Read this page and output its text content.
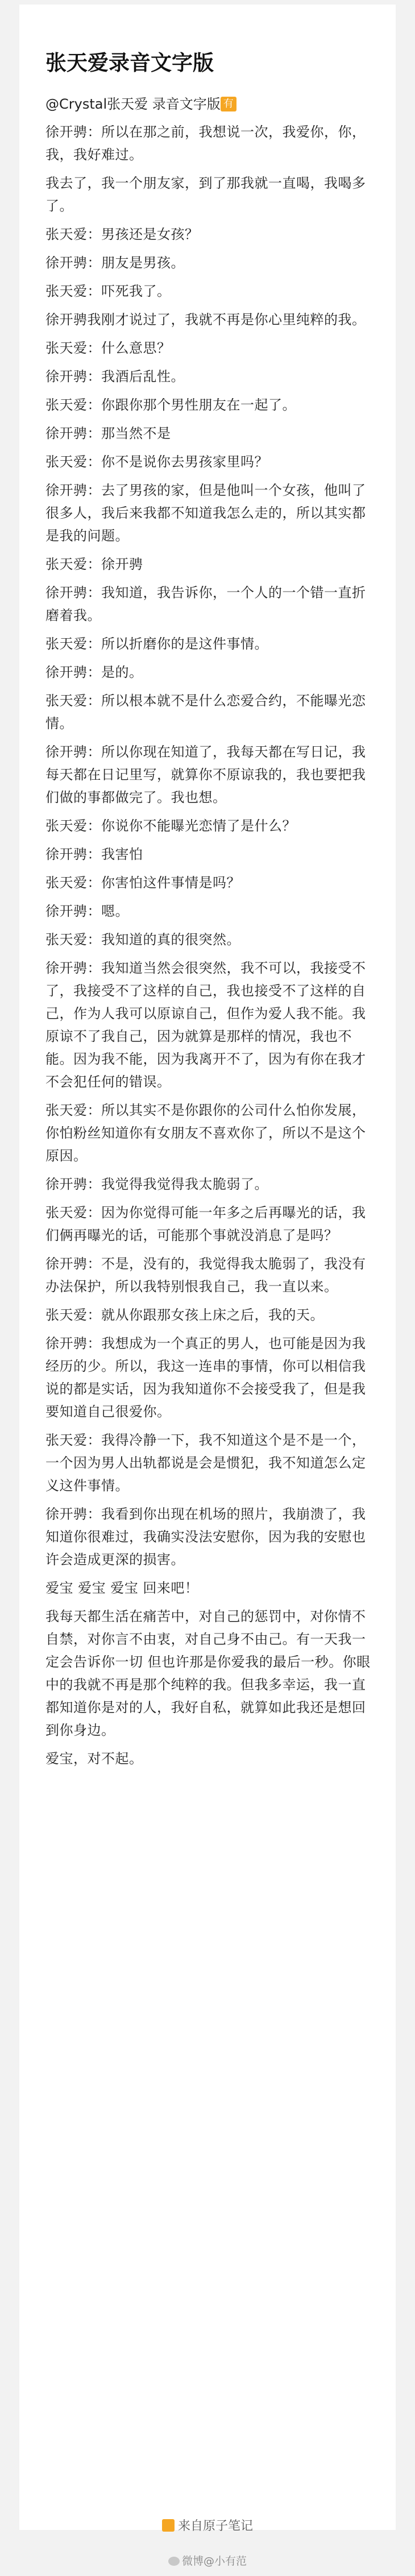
张天爱录音文字版
@Crystal张天爱 录音文字版 有
徐开骋：所以在那之前，我想说一次，我爱你，你，我，我好难过。
我去了，我一个朋友家，到了那我就一直喝，我喝多了。
张天爱：男孩还是女孩？
徐开骋：朋友是男孩。
张天爱：吓死我了。
徐开骋我刚才说过了，我就不再是你心里纯粹的我。
张天爱：什么意思？
徐开骋：我酒后乱性。
张天爱：你跟你那个男性朋友在一起了。
徐开骋：那当然不是
张天爱：你不是说你去男孩家里吗？
徐开骋：去了男孩的家，但是他叫一个女孩，他叫了很多人，我后来我都不知道我怎么走的，所以其实都是我的问题。
张天爱：徐开骋
徐开骋：我知道，我告诉你，一个人的一个错一直折磨着我。
张天爱：所以折磨你的是这件事情。
徐开骋：是的。
张天爱：所以根本就不是什么恋爱合约，不能曝光恋情。
徐开骋：所以你现在知道了，我每天都在写日记，我每天都在日记里写，就算你不原谅我的，我也要把我们做的事都做完了。我也想。
张天爱：你说你不能曝光恋情了是什么？
徐开骋：我害怕
张天爱：你害怕这件事情是吗？
徐开骋：嗯。
张天爱：我知道的真的很突然。
徐开骋：我知道当然会很突然，我不可以，我接受不了，我接受不了这样的自己，我也接受不了这样的自己，作为人我可以原谅自己，但作为爱人我不能。我原谅不了我自己，因为就算是那样的情况，我也不能。因为我不能，因为我离开不了，因为有你在我才不会犯任何的错误。
张天爱：所以其实不是你跟你的公司什么怕你发展，你怕粉丝知道你有女朋友不喜欢你了，所以不是这个原因。
徐开骋：我觉得我觉得我太脆弱了。
张天爱：因为你觉得可能一年多之后再曝光的话，我们俩再曝光的话，可能那个事就没消息了是吗？
徐开骋：不是，没有的，我觉得我太脆弱了，我没有办法保护，所以我特别恨我自己，我一直以来。
张天爱：就从你跟那女孩上床之后，我的天。
徐开骋：我想成为一个真正的男人，也可能是因为我经历的少。所以，我这一连串的事情，你可以相信我说的都是实话，因为我知道你不会接受我了，但是我要知道自己很爱你。
张天爱：我得冷静一下，我不知道这个是不是一个，一个因为男人出轨都说是会是惯犯，我不知道怎么定义这件事情。
徐开骋：我看到你出现在机场的照片，我崩溃了，我知道你很难过，我确实没法安慰你，因为我的安慰也许会造成更深的损害。
爱宝 爱宝 爱宝 回来吧！
我每天都生活在痛苦中，对自己的惩罚中，对你情不自禁，对你言不由衷，对自己身不由己。有一天我一定会告诉你一切 但也许那是你爱我的最后一秒。你眼中的我就不再是那个纯粹的我。但我多幸运，我一直都知道你是对的人，我好自私，就算如此我还是想回到你身边。
爱宝，对不起。
来自原子笔记
微博@小有范
